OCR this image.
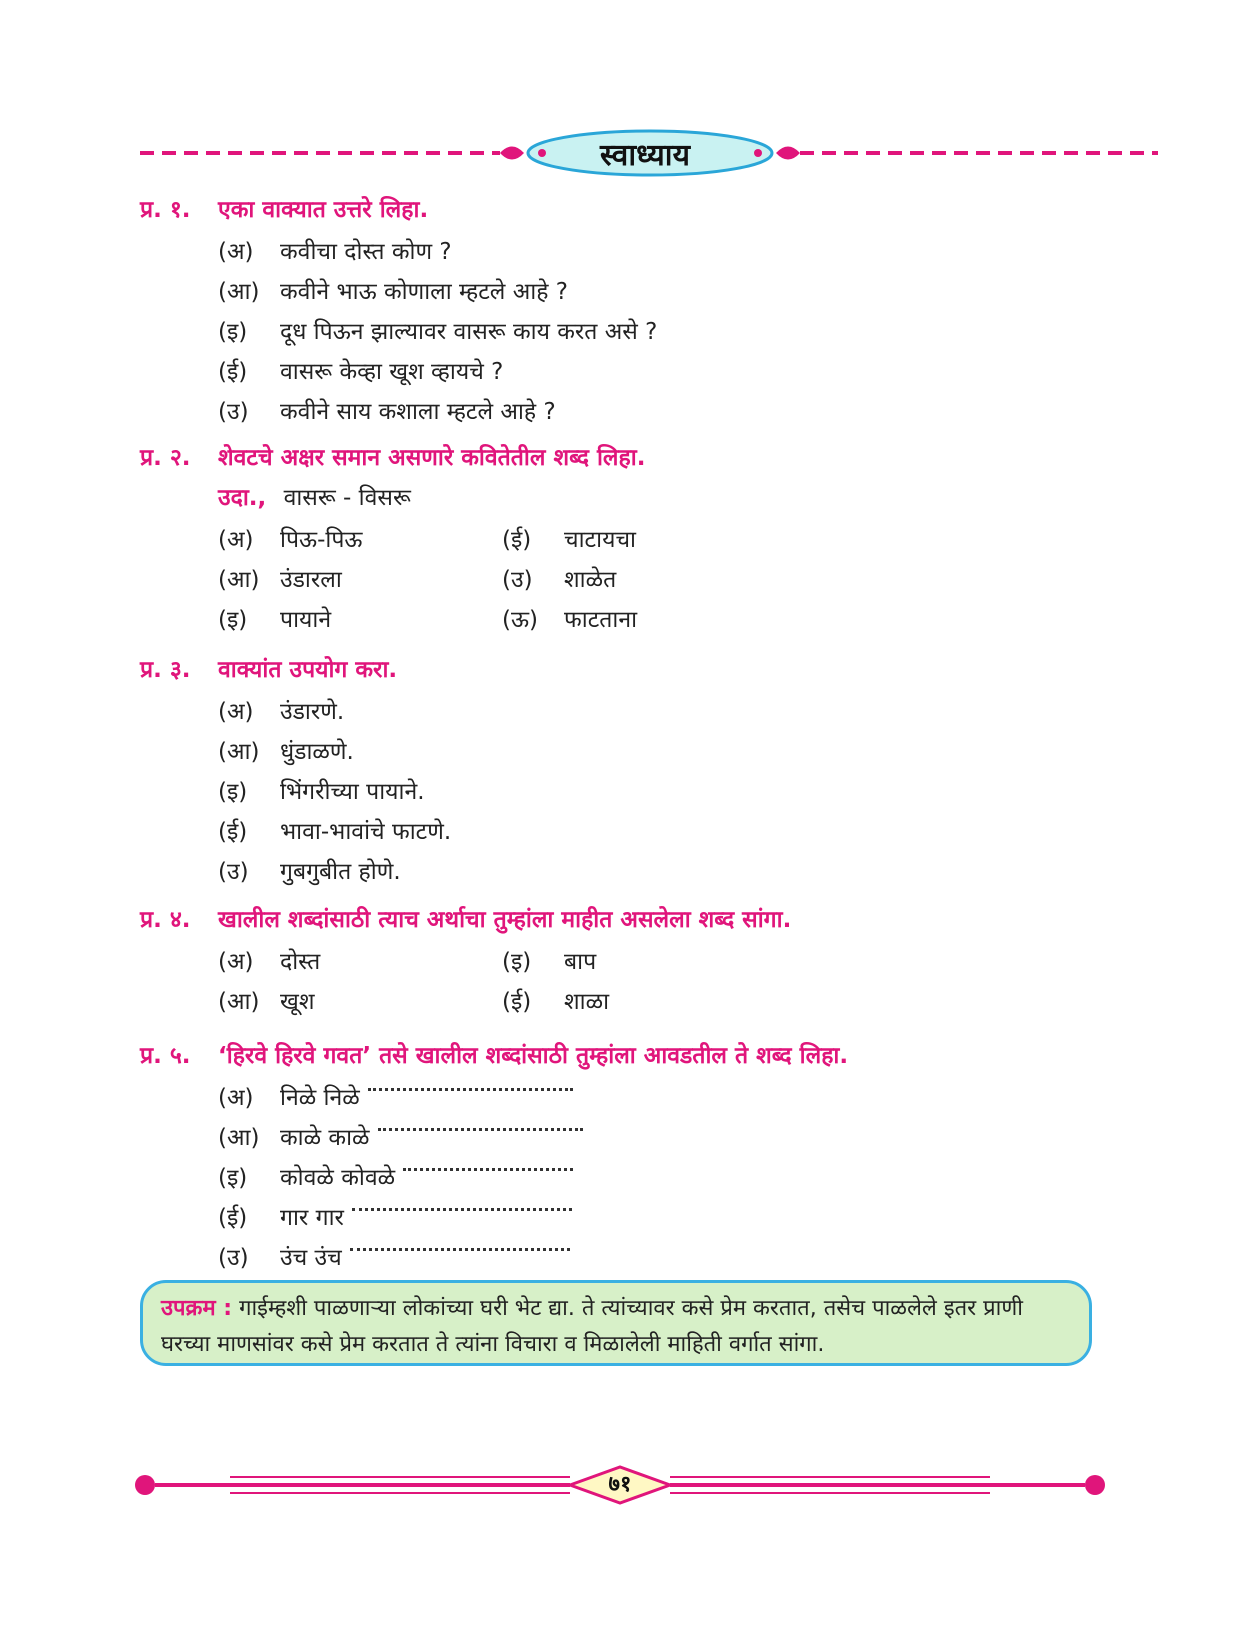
स्वाध्याय
प्र. १.	एका वाक्यात उत्तरे लिहा.
(अ)	कवीचा दोस्त कोण ?
(आ) कवीने भाऊ कोणाला म्हटले आहे ?
(इ)	दूध पिऊन झाल्यावर वासरू काय करत असे ?
(ई)	वासरू केव्हा खूश व्हायचे ?
(उ)	कवीने साय कशाला म्हटले आहे ?
प्र. २.	शेवटचे अक्षर समान असणारे कवितेतील शब्द लिहा.
उदा., वासरू - विसरू
(अ)	पिऊ-पिऊ	(ई)	चाटायचा
(आ) उंडारला	(उ)	शाळेत
(इ)	पायाने	(ऊ)	फाटताना
प्र. ३.	वाक्यांत उपयोग करा.
(अ)	उंडारणे.
(आ) धुंडाळणे.
(इ)	भिंगरीच्या पायाने.
(ई)	भावा-भावांचे फाटणे.
(उ)	गुबगुबीत होणे.
प्र. ४.	खालील शब्दांसाठी त्याच अर्थाचा तुम्हांला माहीत असलेला शब्द सांगा.
(अ)	दोस्त	(इ)	बाप
(आ) खूश	(ई)	शाळा
प्र. ५.	‘हिरवे हिरवे गवत’ तसे खालील शब्दांसाठी तुम्हांला आवडतील ते शब्द लिहा.
(अ)	निळे निळे
(आ) काळे काळे
(इ)	कोवळे कोवळे
(ई)	गार गार
(उ)	उंच उंच
उपक्रम : गाईम्हशी पाळणाऱ्या लोकांच्या घरी भेट द्या. ते त्यांच्यावर कसे प्रेम करतात, तसेच पाळलेले इतर प्राणी घरच्या माणसांवर कसे प्रेम करतात ते त्यांना विचारा व मिळालेली माहिती वर्गात सांगा.
७१
